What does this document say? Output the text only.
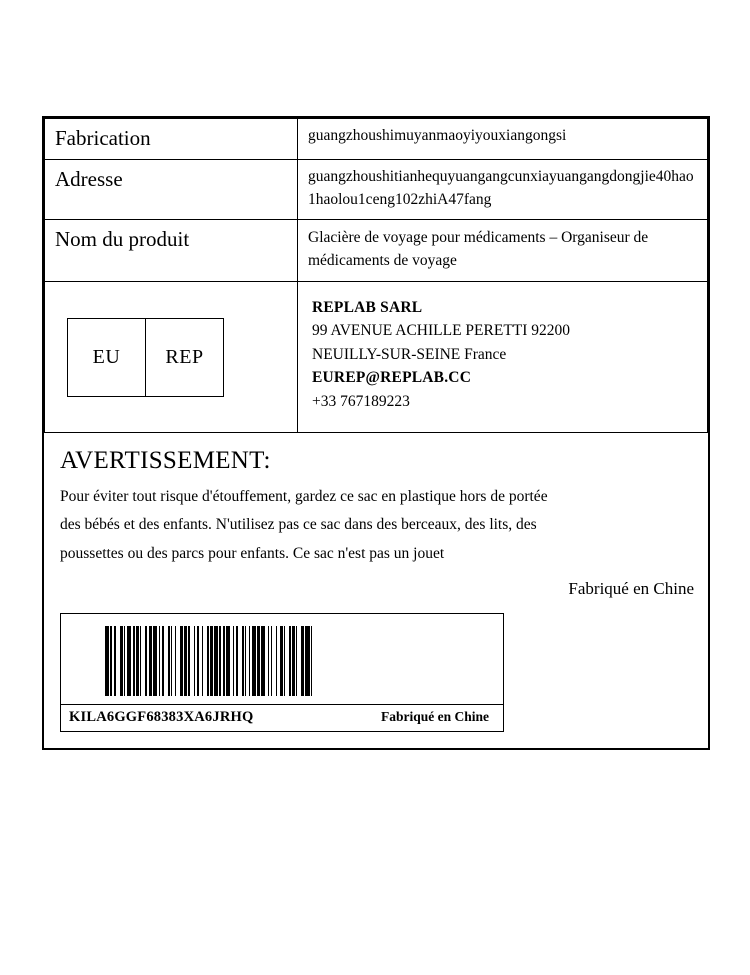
Fabrication	guangzhoushimuyanmaoyiyouxiangongsi
Adresse	guangzhoushitianhequyuangangcunxiayuangangdongjie40hao1haolou1ceng102zhiA47fang
Nom du produit	Glacière de voyage pour médicaments – Organiseur de médicaments de voyage

EU	REP

REPLAB SARL
99 AVENUE ACHILLE PERETTI 92200
NEUILLY-SUR-SEINE France
EUREP@REPLAB.CC
+33 767189223
AVERTISSEMENT:
Pour éviter tout risque d'étouffement, gardez ce sac en plastique hors de portée
des bébés et des enfants. N'utilisez pas ce sac dans des berceaux, des lits, des
poussettes ou des parcs pour enfants. Ce sac n'est pas un jouet
Fabriqué en Chine
KILA6GGF68383XA6JRHQ	Fabriqué en Chine
